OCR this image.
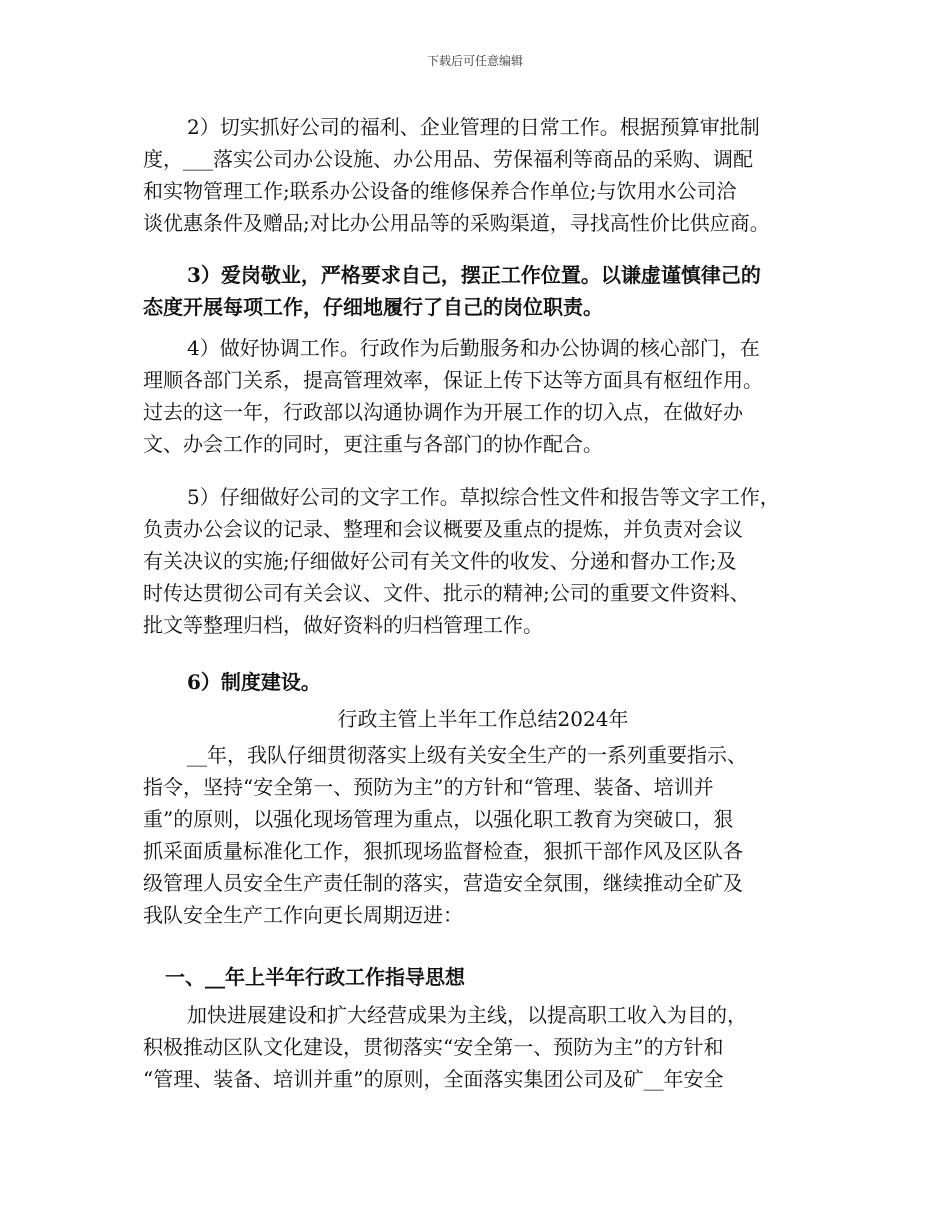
下载后可任意编辑
2）切实抓好公司的福利、企业管理的日常工作。根据预算审批制
度，___落实公司办公设施、办公用品、劳保福利等商品的采购、调配
和实物管理工作;联系办公设备的维修保养合作单位;与饮用水公司洽
谈优惠条件及赠品;对比办公用品等的采购渠道，寻找高性价比供应商。
3）爱岗敬业，严格要求自己，摆正工作位置。以谦虚谨慎律己的
态度开展每项工作，仔细地履行了自己的岗位职责。
4）做好协调工作。行政作为后勤服务和办公协调的核心部门，在
理顺各部门关系，提高管理效率，保证上传下达等方面具有枢纽作用。
过去的这一年，行政部以沟通协调作为开展工作的切入点，在做好办
文、办会工作的同时，更注重与各部门的协作配合。
5）仔细做好公司的文字工作。草拟综合性文件和报告等文字工作，
负责办公会议的记录、整理和会议概要及重点的提炼，并负责对会议
有关决议的实施;仔细做好公司有关文件的收发、分递和督办工作;及
时传达贯彻公司有关会议、文件、批示的精神;公司的重要文件资料、
批文等整理归档，做好资料的归档管理工作。
6）制度建设。
行政主管上半年工作总结2024年
__年，我队仔细贯彻落实上级有关安全生产的一系列重要指示、
指令，坚持“安全第一、预防为主”的方针和“管理、装备、培训并
重”的原则，以强化现场管理为重点，以强化职工教育为突破口，狠
抓采面质量标准化工作，狠抓现场监督检查，狠抓干部作风及区队各
级管理人员安全生产责任制的落实，营造安全氛围，继续推动全矿及
我队安全生产工作向更长周期迈进：
一、__年上半年行政工作指导思想
加快进展建设和扩大经营成果为主线，以提高职工收入为目的，
积极推动区队文化建设，贯彻落实“安全第一、预防为主”的方针和
“管理、装备、培训并重”的原则，全面落实集团公司及矿__年安全
